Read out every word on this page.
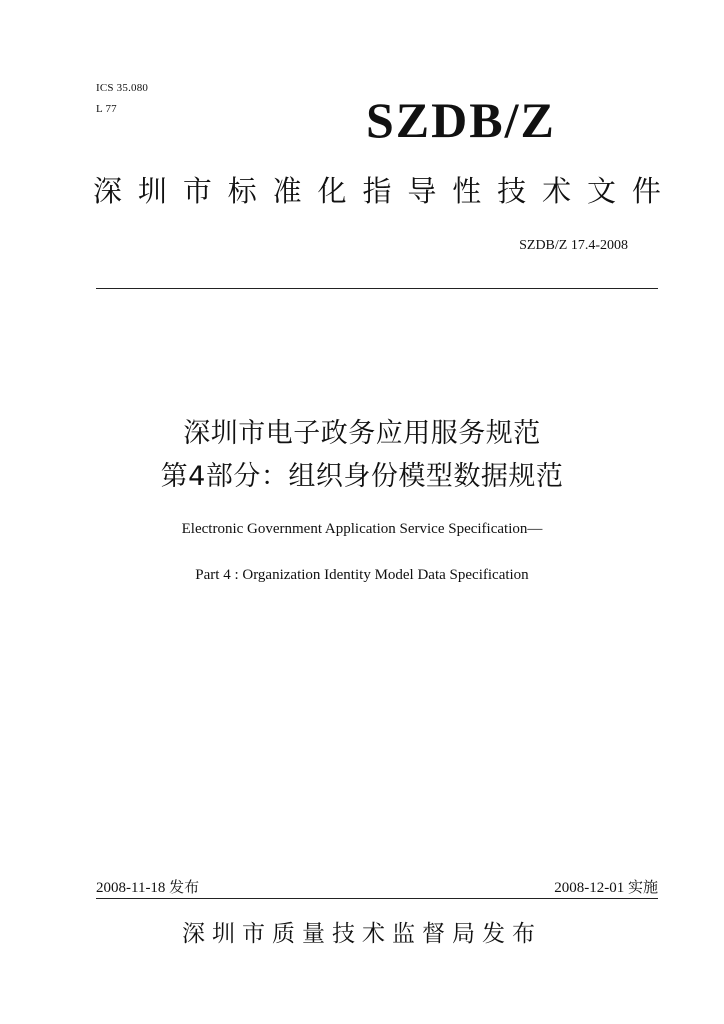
ICS 35.080
L 77	SZDB/Z
深 圳 市 标 准 化 指 导 性 技 术 文 件
SZDB/Z 17.4-2008
深圳市电子政务应用服务规范
第4部分：组织身份模型数据规范
Electronic Government Application Service Specification—
Part 4 : Organization Identity Model Data Specification
2008-11-18 发布	2008-12-01 实施
深圳市质量技术监督局发布
